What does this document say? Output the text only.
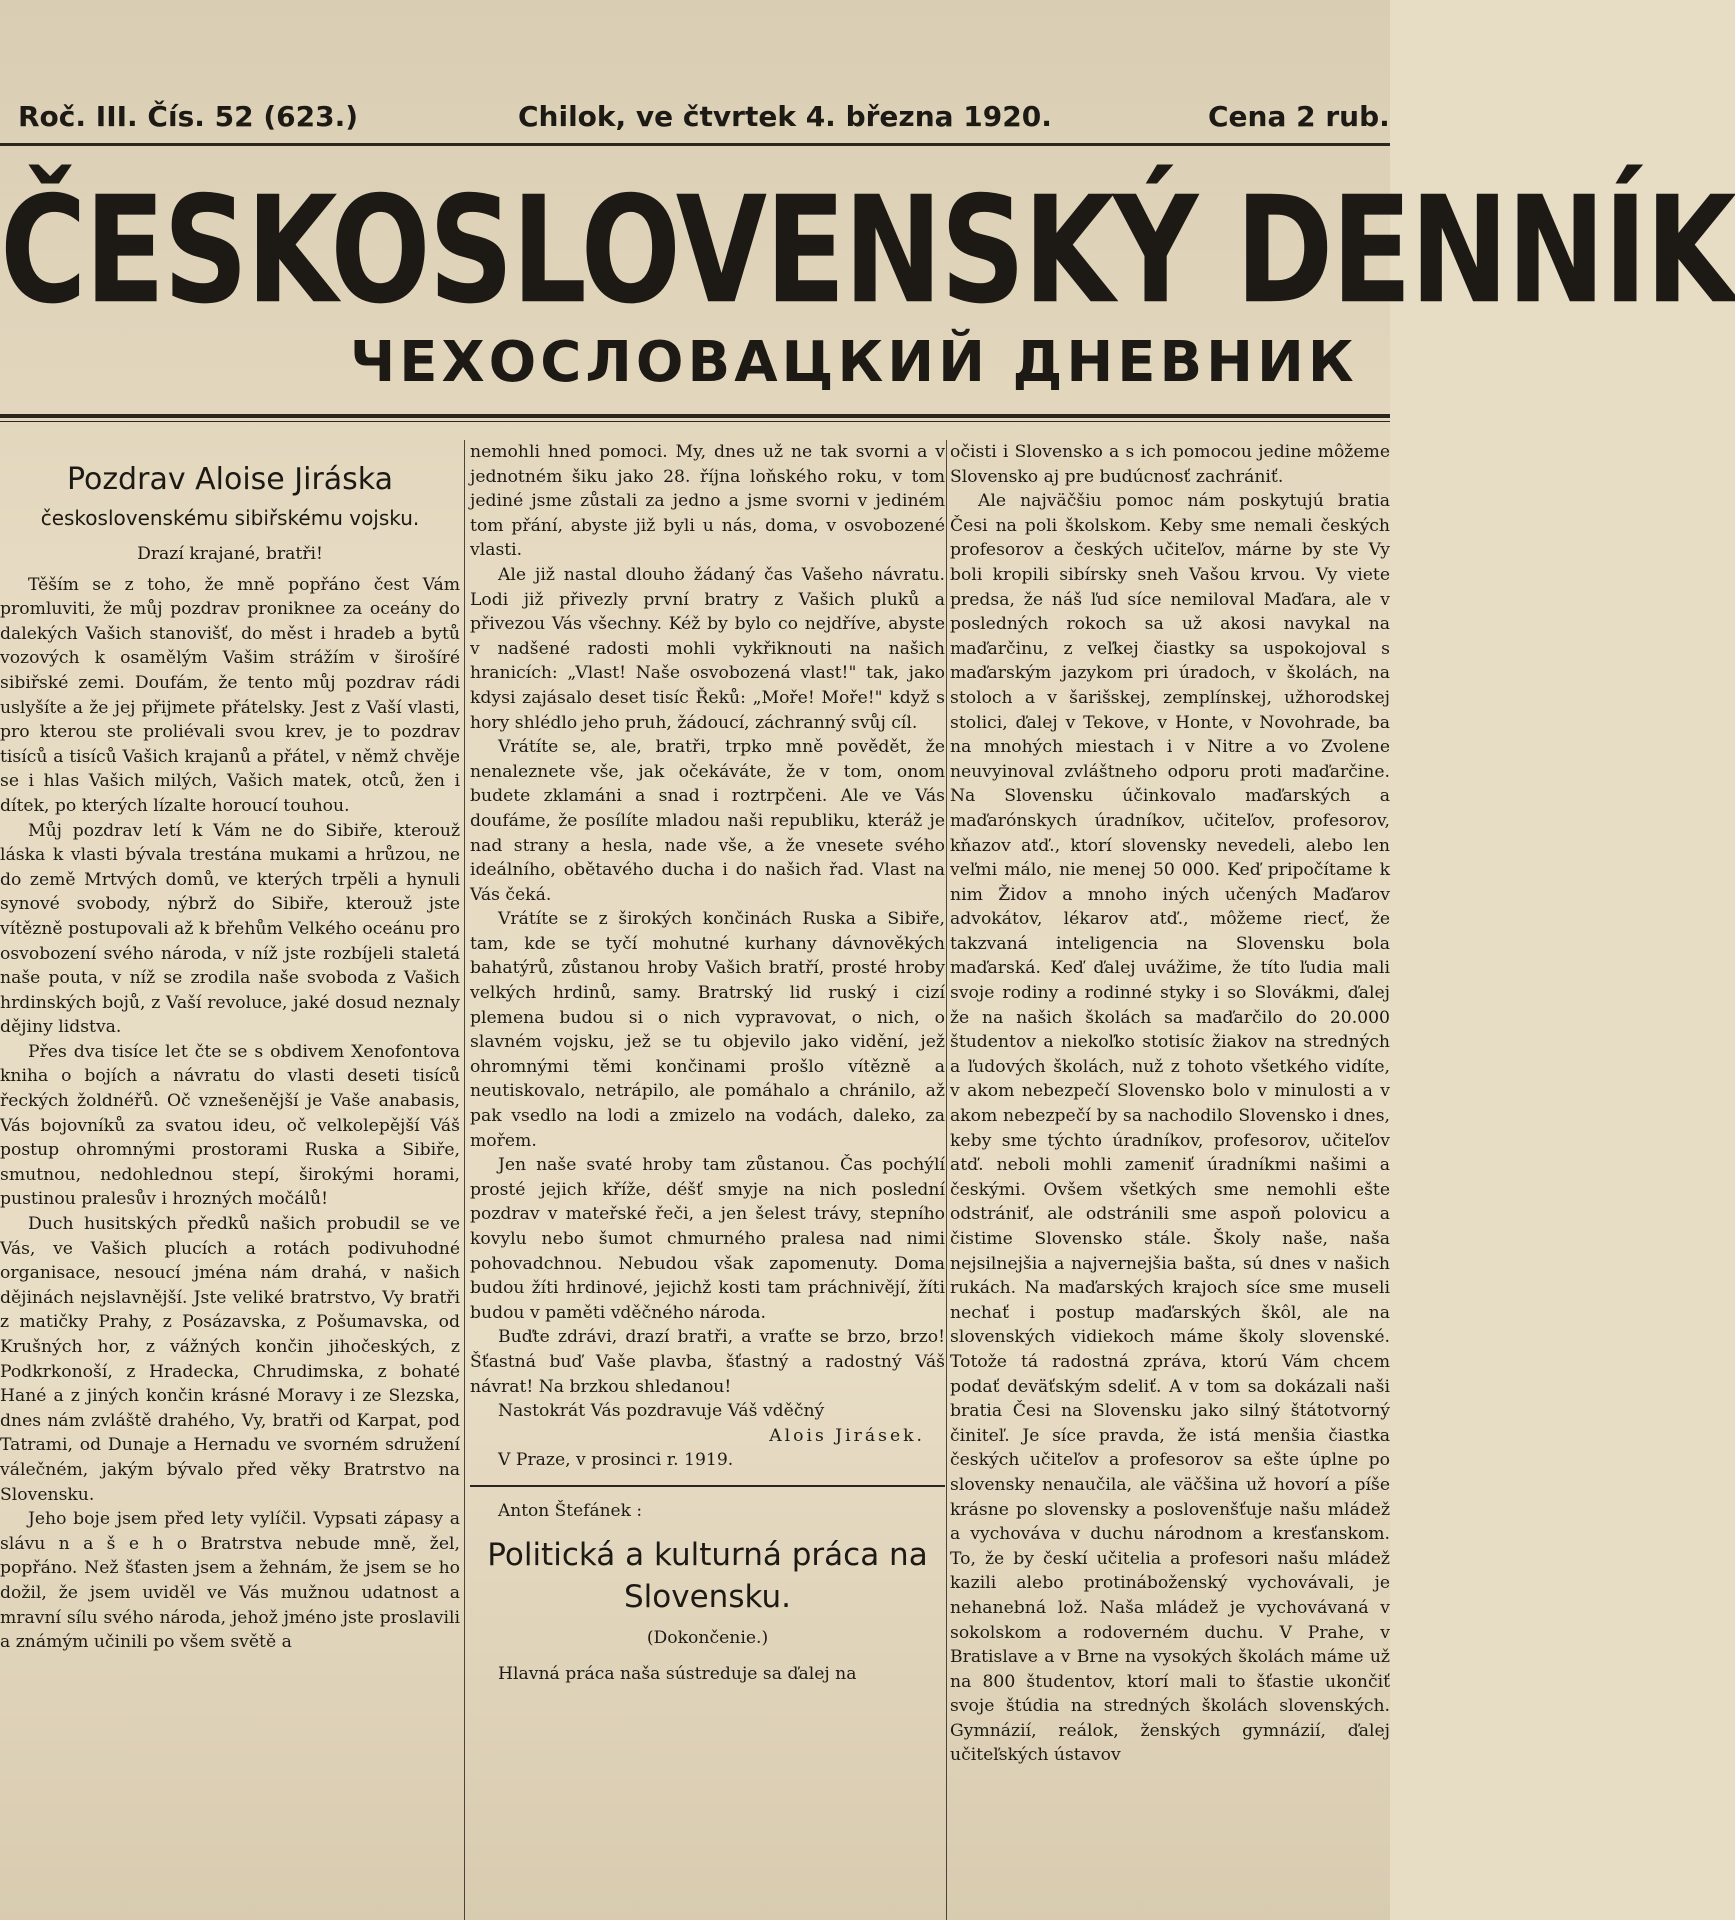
Roč. III. Čís. 52 (623.)	Chilok, ve čtvrtek 4. března 1920.	Cena 2 rub.
ČESKOSLOVENSKÝ DENNÍK
ЧЕХОСЛОВАЦКИЙ ДНЕВНИК
Pozdrav Aloise Jiráska
československému sibiřskému vojsku.
Drazí krajané, bratři!

Těším se z toho, že mně popřáno čest Vám promluviti, že můj pozdrav proniknee za oceány do dalekých Vašich stanovišť, do měst i hradeb a bytů vozových k osamělým Vašim strážím v širošíré sibiřské zemi. Doufám, že tento můj pozdrav rádi uslyšíte a že jej přijmete přátelsky. Jest z Vaší vlasti, pro kterou ste proliévali svou krev, je to pozdrav tisíců a tisíců Vašich krajanů a přátel, v němž chvěje se i hlas Vašich milých, Vašich matek, otců, žen i dítek, po kterých lízalte horoucí touhou.

Můj pozdrav letí k Vám ne do Sibiře, kterouž láska k vlasti bývala trestána mukami a hrůzou, ne do země Mrtvých domů, ve kterých trpěli a hynuli synové svobody, nýbrž do Sibiře, kterouž jste vítězně postupovali až k břehům Velkého oceánu pro osvobození svého národa, v níž jste rozbíjeli staletá naše pouta, v níž se zrodila naše svoboda z Vašich hrdinských bojů, z Vaší revoluce, jaké dosud neznaly dějiny lidstva.

Přes dva tisíce let čte se s obdivem Xenofontova kniha o bojích a návratu do vlasti deseti tisíců řeckých žoldnéřů. Oč vznešenější je Vaše anabasis, Vás bojovníků za svatou ideu, oč velkolepější Váš postup ohromnými prostorami Ruska a Sibiře, smutnou, nedohlednou stepí, širokými horami, pustinou pralesův i hrozných močálů!

Duch husitských předků našich probudil se ve Vás, ve Vašich plucích a rotách podivuhodné organisace, nesoucí jména nám drahá, v našich dějinách nejslavnější. Jste veliké bratrstvo, Vy bratři z matičky Prahy, z Posázavska, z Pošumavska, od Krušných hor, z vážných končin jihočeských, z Podkrkonoší, z Hradecka, Chrudimska, z bohaté Hané a z jiných končin krásné Moravy i ze Slezska, dnes nám zvláště drahého, Vy, bratři od Karpat, pod Tatrami, od Dunaje a Hernadu ve svorném sdružení válečném, jakým bývalo před věky Bratrstvo na Slovensku.

Jeho boje jsem před lety vylíčil. Vypsati zápasy a slávu n a š e h o Bratrstva nebude mně, žel, popřáno. Než šťasten jsem a žehnám, že jsem se ho dožil, že jsem uviděl ve Vás mužnou udatnost a mravní sílu svého národa, jehož jméno jste proslavili a známým učinili po všem světě a

nemohli hned pomoci. My, dnes už ne tak svorni a v jednotném šiku jako 28. října loňského roku, v tom jediné jsme zůstali za jedno a jsme svorni v jediném tom přání, abyste již byli u nás, doma, v osvobozené vlasti.

Ale již nastal dlouho žádaný čas Vašeho návratu. Lodi již přivezly první bratry z Vašich pluků a přivezou Vás všechny. Kéž by bylo co nejdříve, abyste v nadšené radosti mohli vykřiknouti na našich hranicích: „Vlast! Naše osvobozená vlast!" tak, jako kdysi zajásalo deset tisíc Řeků: „Moře! Moře!" když s hory shlédlo jeho pruh, žádoucí, záchranný svůj cíl.

Vrátíte se, ale, bratři, trpko mně povědět, že nenaleznete vše, jak očekáváte, že v tom, onom budete zklamáni a snad i roztrpčeni. Ale ve Vás doufáme, že posílíte mladou naši republiku, kteráž je nad strany a hesla, nade vše, a že vnesete svého ideálního, obětavého ducha i do našich řad. Vlast na Vás čeká.

Vrátíte se z širokých končinách Ruska a Sibiře, tam, kde se tyčí mohutné kurhany dávnověkých bahatýrů, zůstanou hroby Vašich bratří, prosté hroby velkých hrdinů, samy. Bratrský lid ruský i cizí plemena budou si o nich vypravovat, o nich, o slavném vojsku, jež se tu objevilo jako vidění, jež ohromnými těmi končinami prošlo vítězně a neutiskovalo, netrápilo, ale pomáhalo a chránilo, až pak vsedlo na lodi a zmizelo na vodách, daleko, za mořem.

Jen naše svaté hroby tam zůstanou. Čas pochýlí prosté jejich kříže, déšť smyje na nich poslední pozdrav v mateřské řeči, a jen šelest trávy, stepního kovylu nebo šumot chmurného pralesa nad nimi pohovadchnou. Nebudou však zapomenuty. Doma budou žíti hrdinové, jejichž kosti tam práchnivějí, žíti budou v paměti vděčného národa.

Buďte zdrávi, drazí bratři, a vraťte se brzo, brzo! Šťastná buď Vaše plavba, šťastný a radostný Váš návrat! Na brzkou shledanou!

Nastokrát Vás pozdravuje Váš vděčný

Alois Jirásek.

V Praze, v prosinci r. 1919.

Anton Štefánek :

Politická a kulturná práca na Slovensku.
(Dokončenie.)

Hlavná práca naša sústreduje sa ďalej na

očisti i Slovensko a s ich pomocou jedine môžeme Slovensko aj pre budúcnosť zachrániť.

Ale najväčšiu pomoc nám poskytujú bratia Česi na poli školskom. Keby sme nemali českých profesorov a českých učiteľov, márne by ste Vy boli kropili sibírsky sneh Vašou krvou. Vy viete predsa, že náš ľud síce nemiloval Maďara, ale v posledných rokoch sa už akosi navykal na maďarčinu, z veľkej čiastky sa uspokojoval s maďarským jazykom pri úradoch, v školách, na stoloch a v šarišskej, zemplínskej, užhorodskej stolici, ďalej v Tekove, v Honte, v Novohrade, ba na mnohých miestach i v Nitre a vo Zvolene neuvyinoval zvláštneho odporu proti maďarčine. Na Slovensku účinkovalo maďarských a maďarónskych úradníkov, učiteľov, profesorov, kňazov atď., ktorí slovensky nevedeli, alebo len veľmi málo, nie menej 50 000. Keď pripočítame k nim Židov a mnoho iných učených Maďarov advokátov, lékarov atď., môžeme riecť, že takzvaná inteligencia na Slovensku bola maďarská. Keď ďalej uvážime, že títo ľudia mali svoje rodiny a rodinné styky i so Slovákmi, ďalej že na našich školách sa maďarčilo do 20.000 študentov a niekoľko stotisíc žiakov na stredných a ľudových školách, nuž z tohoto všetkého vidíte, v akom nebezpečí Slovensko bolo v minulosti a v akom nebezpečí by sa nachodilo Slovensko i dnes, keby sme týchto úradníkov, profesorov, učiteľov atď. neboli mohli zameniť úradníkmi našimi a českými. Ovšem všetkých sme nemohli ešte odstrániť, ale odstránili sme aspoň polovicu a čistime Slovensko stále. Školy naše, naša nejsilnejšia a najvernejšia bašta, sú dnes v našich rukách. Na maďarských krajoch síce sme museli nechať i postup maďarských škôl, ale na slovenských vidiekoch máme školy slovenské. Totože tá radostná zpráva, ktorú Vám chcem podať deväťským sdeliť. A v tom sa dokázali naši bratia Česi na Slovensku jako silný štátotvorný činiteľ. Je síce pravda, že istá menšia čiastka českých učiteľov a profesorov sa ešte úplne po slovensky nenaučila, ale väčšina už hovorí a píše krásne po slovensky a poslovenšťuje našu mládež a vychováva v duchu národnom a kresťanskom. To, že by českí učitelia a profesori našu mládež kazili alebo protináboženský vychovávali, je nehanebná lož. Naša mládež je vychovávaná v sokolskom a rodoverném duchu. V Prahe, v Bratislave a v Brne na vysokých školách máme už na 800 študentov, ktorí mali to šťastie ukončiť svoje štúdia na stredných školách slovenských. Gymnázií, reálok, ženských gymnázií, ďalej učiteľských ústavov
